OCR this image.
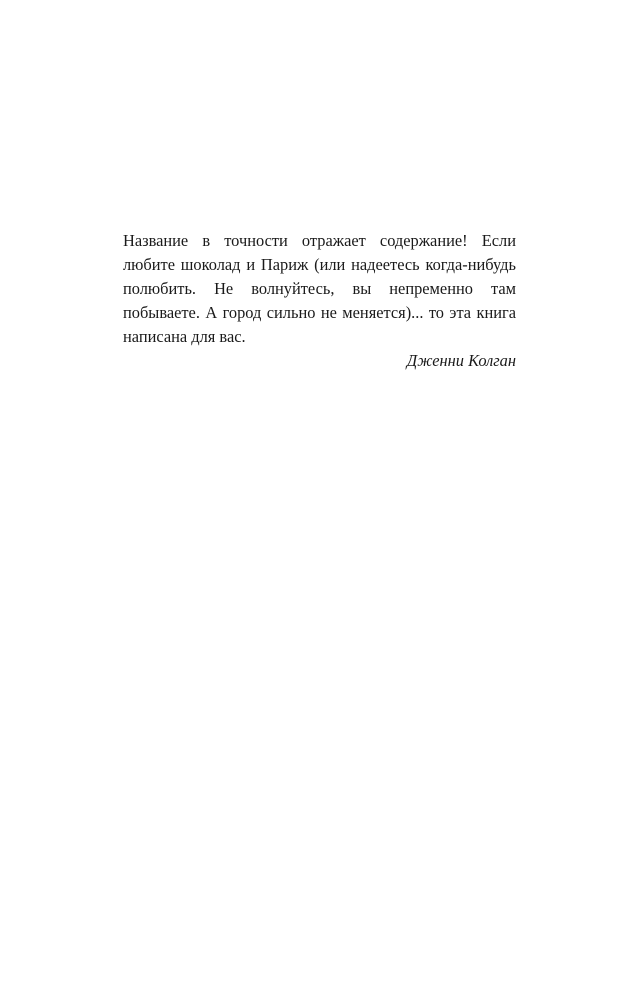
Название в точности отражает содержание! Если любите шоколад и Париж (или надеетесь когда-нибудь полюбить. Не волнуйтесь, вы непременно там побываете. А город сильно не меняется)... то эта книга написана для вас.

Дженни Колган
